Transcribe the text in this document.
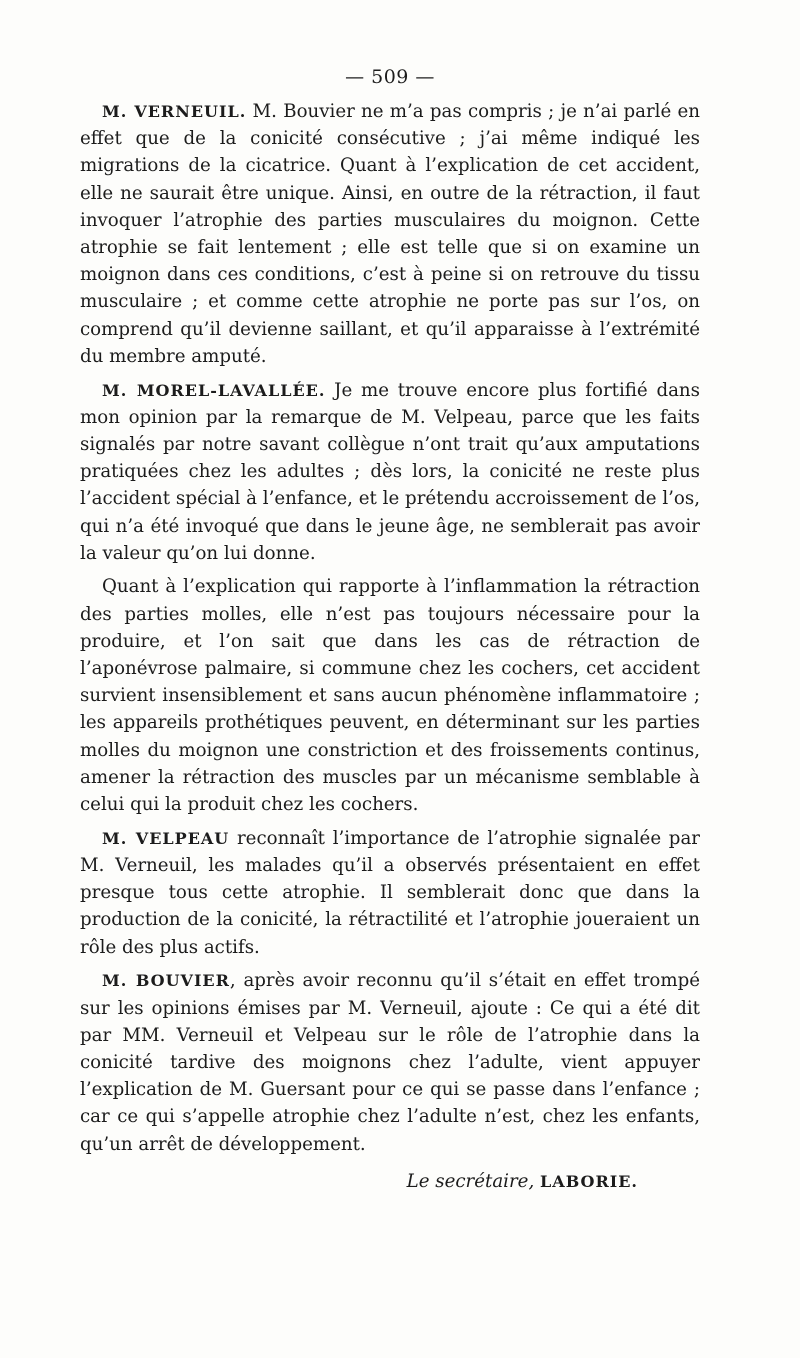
— 509 —

M. VERNEUIL. M. Bouvier ne m’a pas compris ; je n’ai parlé en effet que de la conicité consécutive ; j’ai même indiqué les migrations de la cicatrice. Quant à l’explication de cet accident, elle ne saurait être unique. Ainsi, en outre de la rétraction, il faut invoquer l’atrophie des parties musculaires du moignon. Cette atrophie se fait lentement ; elle est telle que si on examine un moignon dans ces conditions, c’est à peine si on retrouve du tissu musculaire ; et comme cette atrophie ne porte pas sur l’os, on comprend qu’il devienne saillant, et qu’il apparaisse à l’extrémité du membre amputé.

M. MOREL-LAVALLÉE. Je me trouve encore plus fortifié dans mon opinion par la remarque de M. Velpeau, parce que les faits signalés par notre savant collègue n’ont trait qu’aux amputations pratiquées chez les adultes ; dès lors, la conicité ne reste plus l’accident spécial à l’enfance, et le prétendu accroissement de l’os, qui n’a été invoqué que dans le jeune âge, ne semblerait pas avoir la valeur qu’on lui donne.

Quant à l’explication qui rapporte à l’inflammation la rétraction des parties molles, elle n’est pas toujours nécessaire pour la produire, et l’on sait que dans les cas de rétraction de l’aponévrose palmaire, si commune chez les cochers, cet accident survient insensiblement et sans aucun phénomène inflammatoire ; les appareils prothétiques peuvent, en déterminant sur les parties molles du moignon une constriction et des froissements continus, amener la rétraction des muscles par un mécanisme semblable à celui qui la produit chez les cochers.

M. VELPEAU reconnaît l’importance de l’atrophie signalée par M. Verneuil, les malades qu’il a observés présentaient en effet presque tous cette atrophie. Il semblerait donc que dans la production de la conicité, la rétractilité et l’atrophie joueraient un rôle des plus actifs.

M. BOUVIER, après avoir reconnu qu’il s’était en effet trompé sur les opinions émises par M. Verneuil, ajoute : Ce qui a été dit par MM. Verneuil et Velpeau sur le rôle de l’atrophie dans la conicité tardive des moignons chez l’adulte, vient appuyer l’explication de M. Guersant pour ce qui se passe dans l’enfance ; car ce qui s’appelle atrophie chez l’adulte n’est, chez les enfants, qu’un arrêt de développement.

Le secrétaire, LABORIE.
